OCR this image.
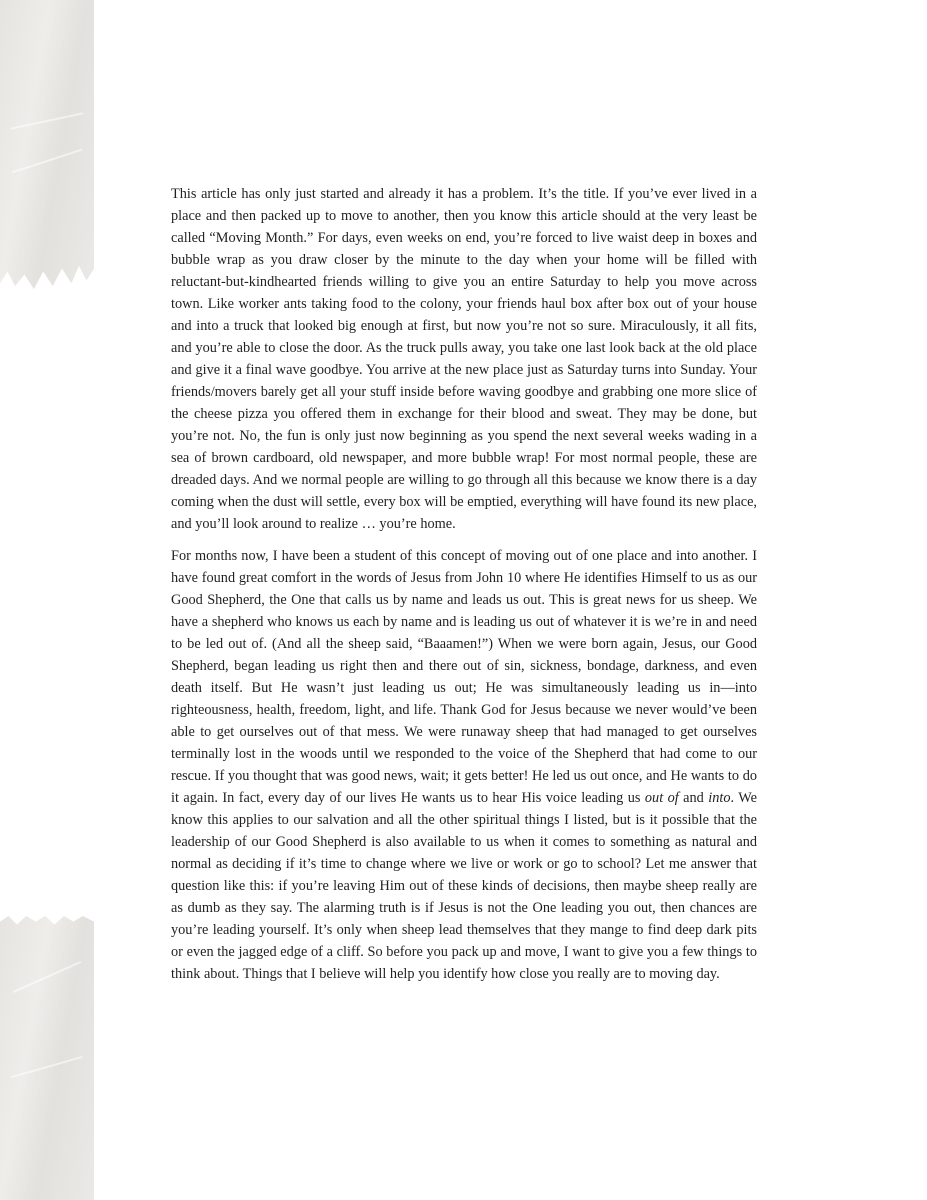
This article has only just started and already it has a problem. It’s the title. If you’ve ever lived in a place and then packed up to move to another, then you know this article should at the very least be called “Moving Month.” For days, even weeks on end, you’re forced to live waist deep in boxes and bubble wrap as you draw closer by the minute to the day when your home will be filled with reluctant-but-kindhearted friends willing to give you an entire Saturday to help you move across town. Like worker ants taking food to the colony, your friends haul box after box out of your house and into a truck that looked big enough at first, but now you’re not so sure. Miraculously, it all fits, and you’re able to close the door. As the truck pulls away, you take one last look back at the old place and give it a final wave goodbye. You arrive at the new place just as Saturday turns into Sunday. Your friends/movers barely get all your stuff inside before waving goodbye and grabbing one more slice of the cheese pizza you offered them in exchange for their blood and sweat. They may be done, but you’re not. No, the fun is only just now beginning as you spend the next several weeks wading in a sea of brown cardboard, old newspaper, and more bubble wrap! For most normal people, these are dreaded days. And we normal people are willing to go through all this because we know there is a day coming when the dust will settle, every box will be emptied, everything will have found its new place, and you’ll look around to realize … you’re home.

For months now, I have been a student of this concept of moving out of one place and into another. I have found great comfort in the words of Jesus from John 10 where He identifies Himself to us as our Good Shepherd, the One that calls us by name and leads us out. This is great news for us sheep. We have a shepherd who knows us each by name and is leading us out of whatever it is we’re in and need to be led out of. (And all the sheep said, “Baaamen!”) When we were born again, Jesus, our Good Shepherd, began leading us right then and there out of sin, sickness, bondage, darkness, and even death itself. But He wasn’t just leading us out; He was simultaneously leading us in—into righteousness, health, freedom, light, and life. Thank God for Jesus because we never would’ve been able to get ourselves out of that mess. We were runaway sheep that had managed to get ourselves terminally lost in the woods until we responded to the voice of the Shepherd that had come to our rescue. If you thought that was good news, wait; it gets better! He led us out once, and He wants to do it again. In fact, every day of our lives He wants us to hear His voice leading us out of and into. We know this applies to our salvation and all the other spiritual things I listed, but is it possible that the leadership of our Good Shepherd is also available to us when it comes to something as natural and normal as deciding if it’s time to change where we live or work or go to school? Let me answer that question like this: if you’re leaving Him out of these kinds of decisions, then maybe sheep really are as dumb as they say. The alarming truth is if Jesus is not the One leading you out, then chances are you’re leading yourself. It’s only when sheep lead themselves that they mange to find deep dark pits or even the jagged edge of a cliff. So before you pack up and move, I want to give you a few things to think about. Things that I believe will help you identify how close you really are to moving day.
